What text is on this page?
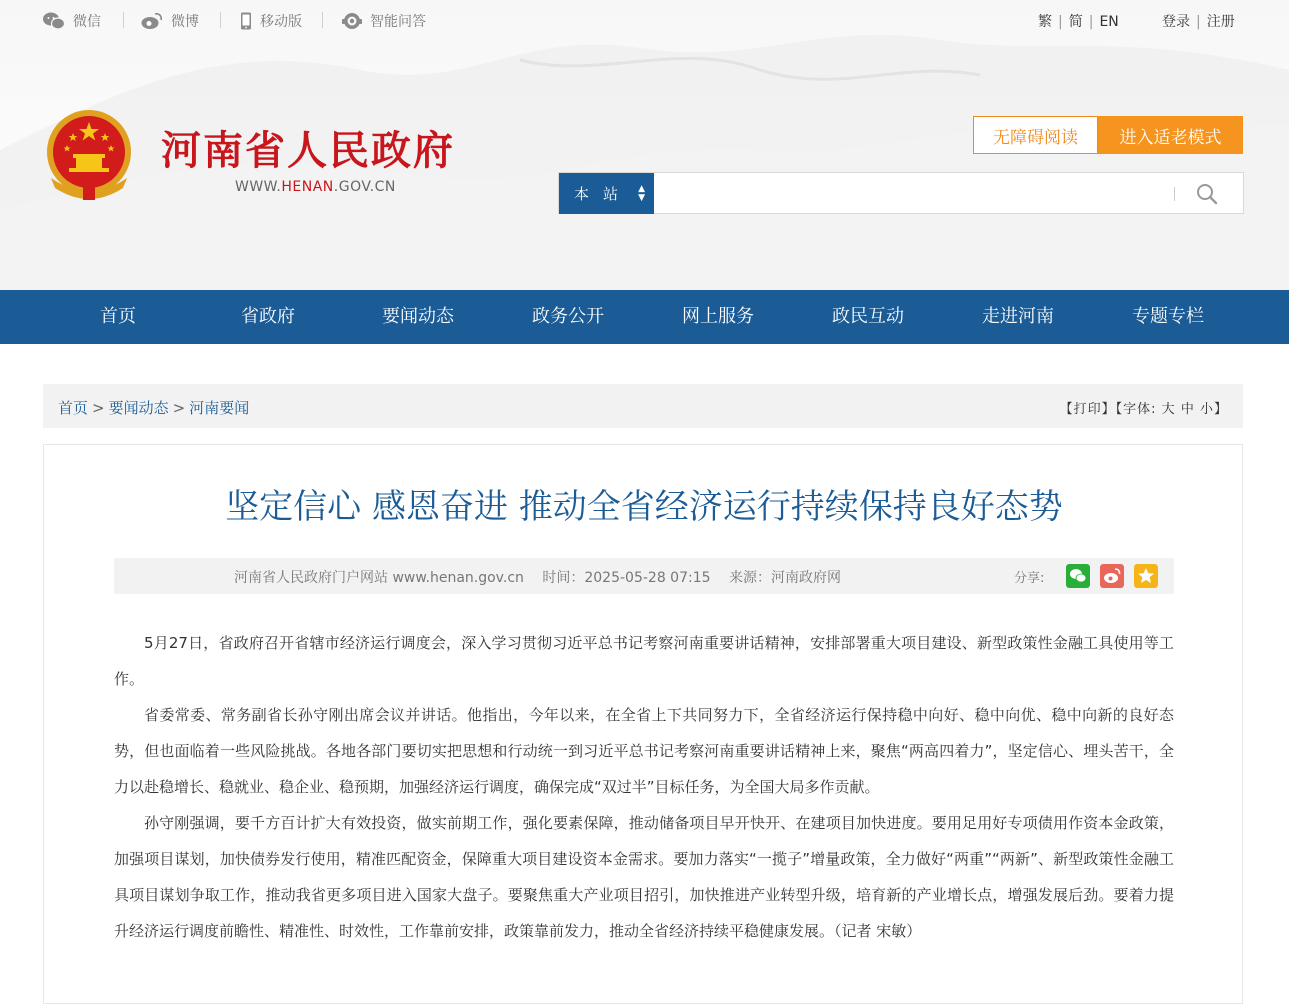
微信	微博	移动版	智能问答	繁 | 简 | EN	登录 | 注册
河南省人民政府
WWW.HENAN.GOV.CN
无障碍阅读	进入适老模式
本站 ▲
▼
首页	省政府	要闻动态	政务公开	网上服务	政民互动	走进河南	专题专栏
首页 > 要闻动态 > 河南要闻	【打印】【字体: 大 中 小】
坚定信心 感恩奋进 推动全省经济运行持续保持良好态势
河南省人民政府门户网站 www.henan.gov.cn 时间：2025-05-28 07:15 来源：河南政府网	分享:

5月27日，省政府召开省辖市经济运行调度会，深入学习贯彻习近平总书记考察河南重要讲话精神，安排部署重大项目建设、新型政策性金融工具使用等工作。

省委常委、常务副省长孙守刚出席会议并讲话。他指出，今年以来，在全省上下共同努力下，全省经济运行保持稳中向好、稳中向优、稳中向新的良好态势，但也面临着一些风险挑战。各地各部门要切实把思想和行动统一到习近平总书记考察河南重要讲话精神上来，聚焦“两高四着力”，坚定信心、埋头苦干，全力以赴稳增长、稳就业、稳企业、稳预期，加强经济运行调度，确保完成“双过半”目标任务，为全国大局多作贡献。

孙守刚强调，要千方百计扩大有效投资，做实前期工作，强化要素保障，推动储备项目早开快开、在建项目加快进度。要用足用好专项债用作资本金政策，加强项目谋划，加快债券发行使用，精准匹配资金，保障重大项目建设资本金需求。要加力落实“一揽子”增量政策，全力做好“两重”“两新”、新型政策性金融工具项目谋划争取工作，推动我省更多项目进入国家大盘子。要聚焦重大产业项目招引，加快推进产业转型升级，培育新的产业增长点，增强发展后劲。要着力提升经济运行调度前瞻性、精准性、时效性，工作靠前安排，政策靠前发力，推动全省经济持续平稳健康发展。（记者 宋敏）
